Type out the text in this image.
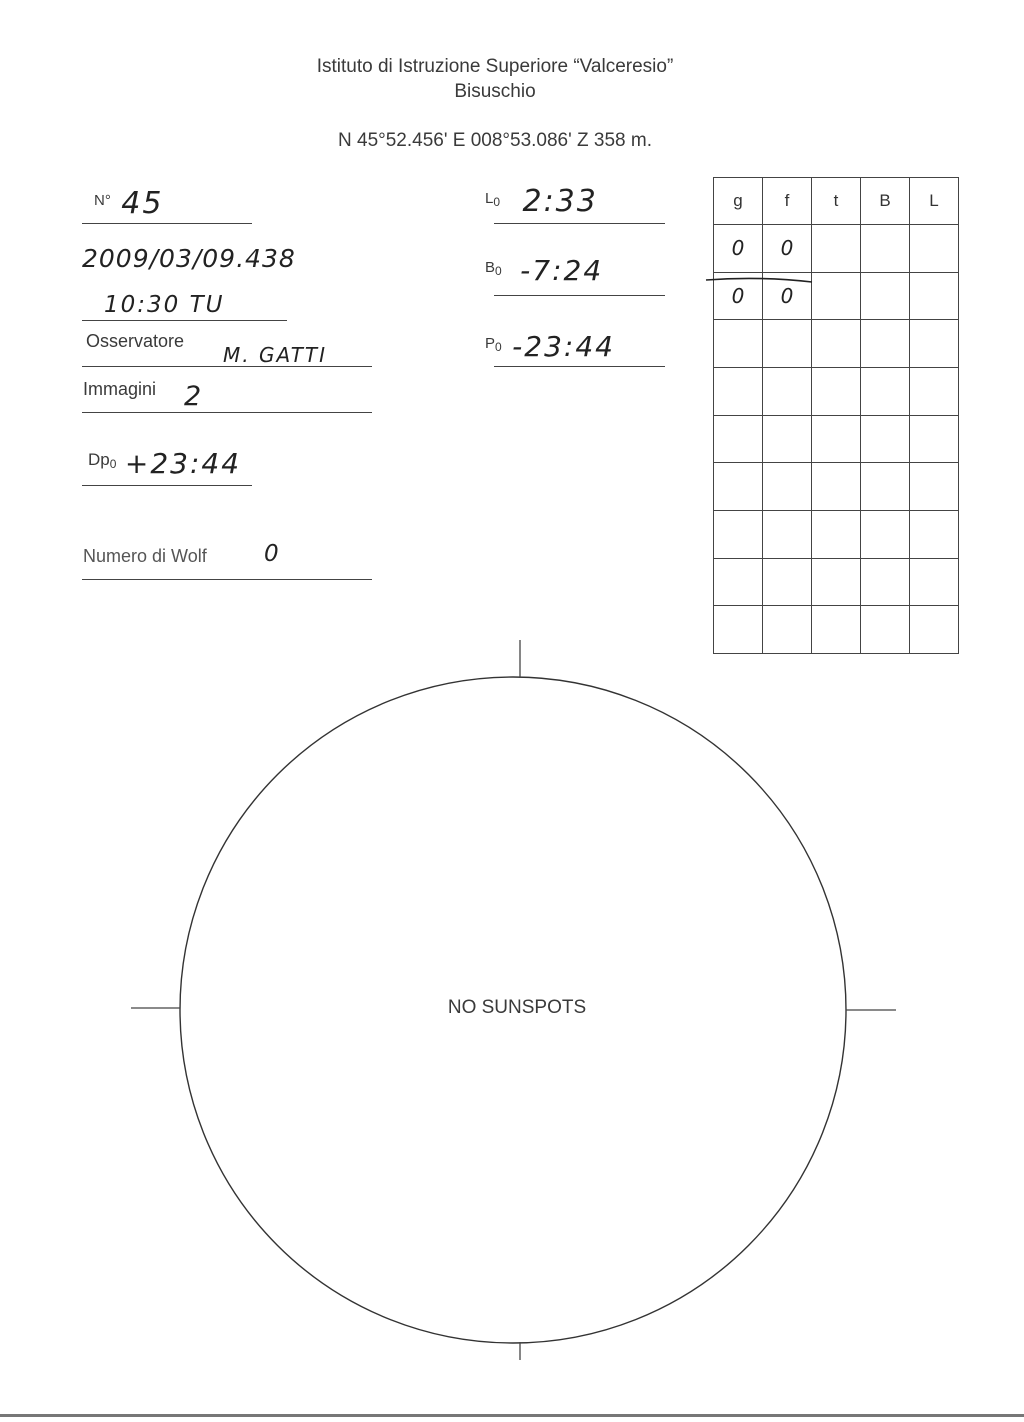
Istituto di Istruzione Superiore “Valceresio”
Bisuschio
N 45°52.456' E 008°53.086' Z 358 m.
N° 45
2009/03/09.438
10:30 TU
Osservatore
M. GATTI
Immagini 2
$Dp_0$ +23:44
Numero di Wolf 0
$L_0$ 2:33
$B_0$ -7:24
$P_0$ -23:44
g	f	t	B	L
0	0			
0	0			

NO SUNSPOTS
